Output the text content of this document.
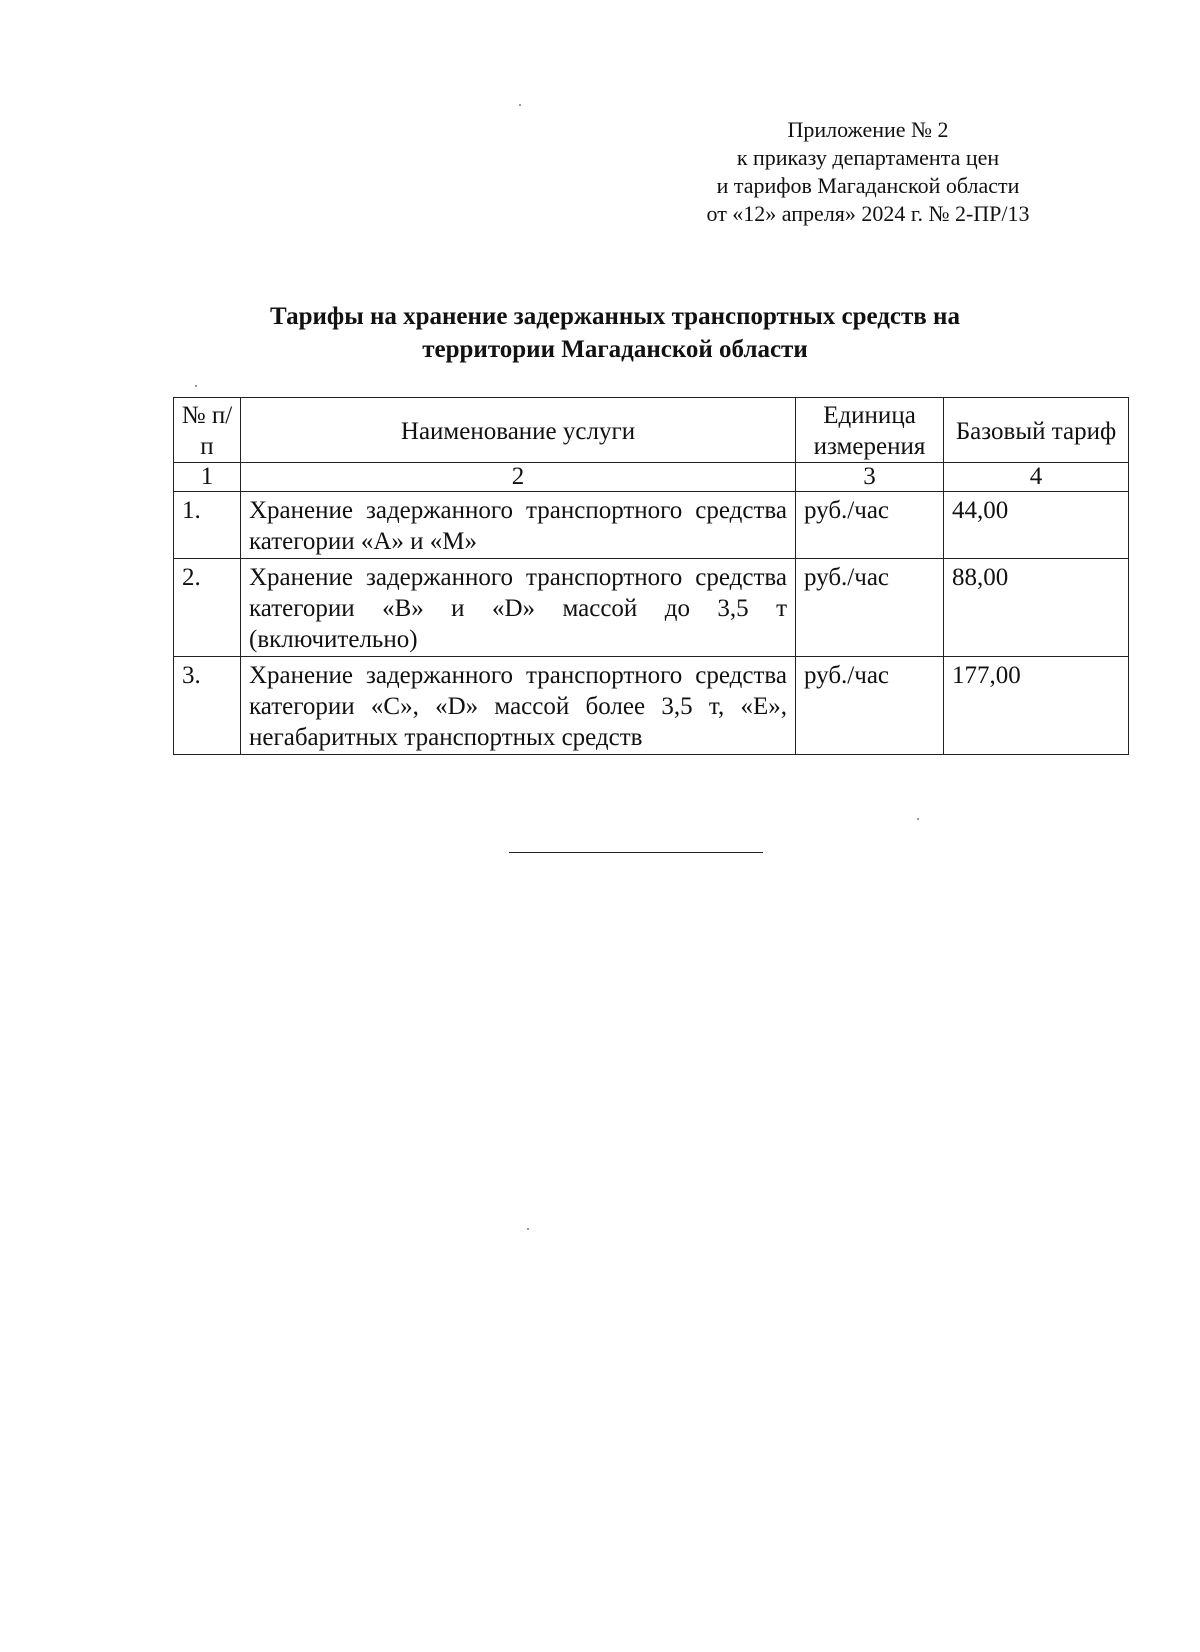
Приложение № 2
к приказу департамента цен
и тарифов Магаданской области
от «12» апреля» 2024 г. № 2-ПР/13
Тарифы на хранение задержанных транспортных средств на
территории Магаданской области
№ п/п	Наименование услуги	Единица измерения	Базовый тариф
1	2	3	4
1.	Хранение задержанного транспортного средства категории «А» и «М»	руб./час	44,00
2.	Хранение задержанного транспортного средства категории «В» и «D» массой до 3,5 т (включительно)	руб./час	88,00
3.	Хранение задержанного транспортного средства категории «С», «D» массой более 3,5 т, «Е», негабаритных транспортных средств	руб./час	177,00
